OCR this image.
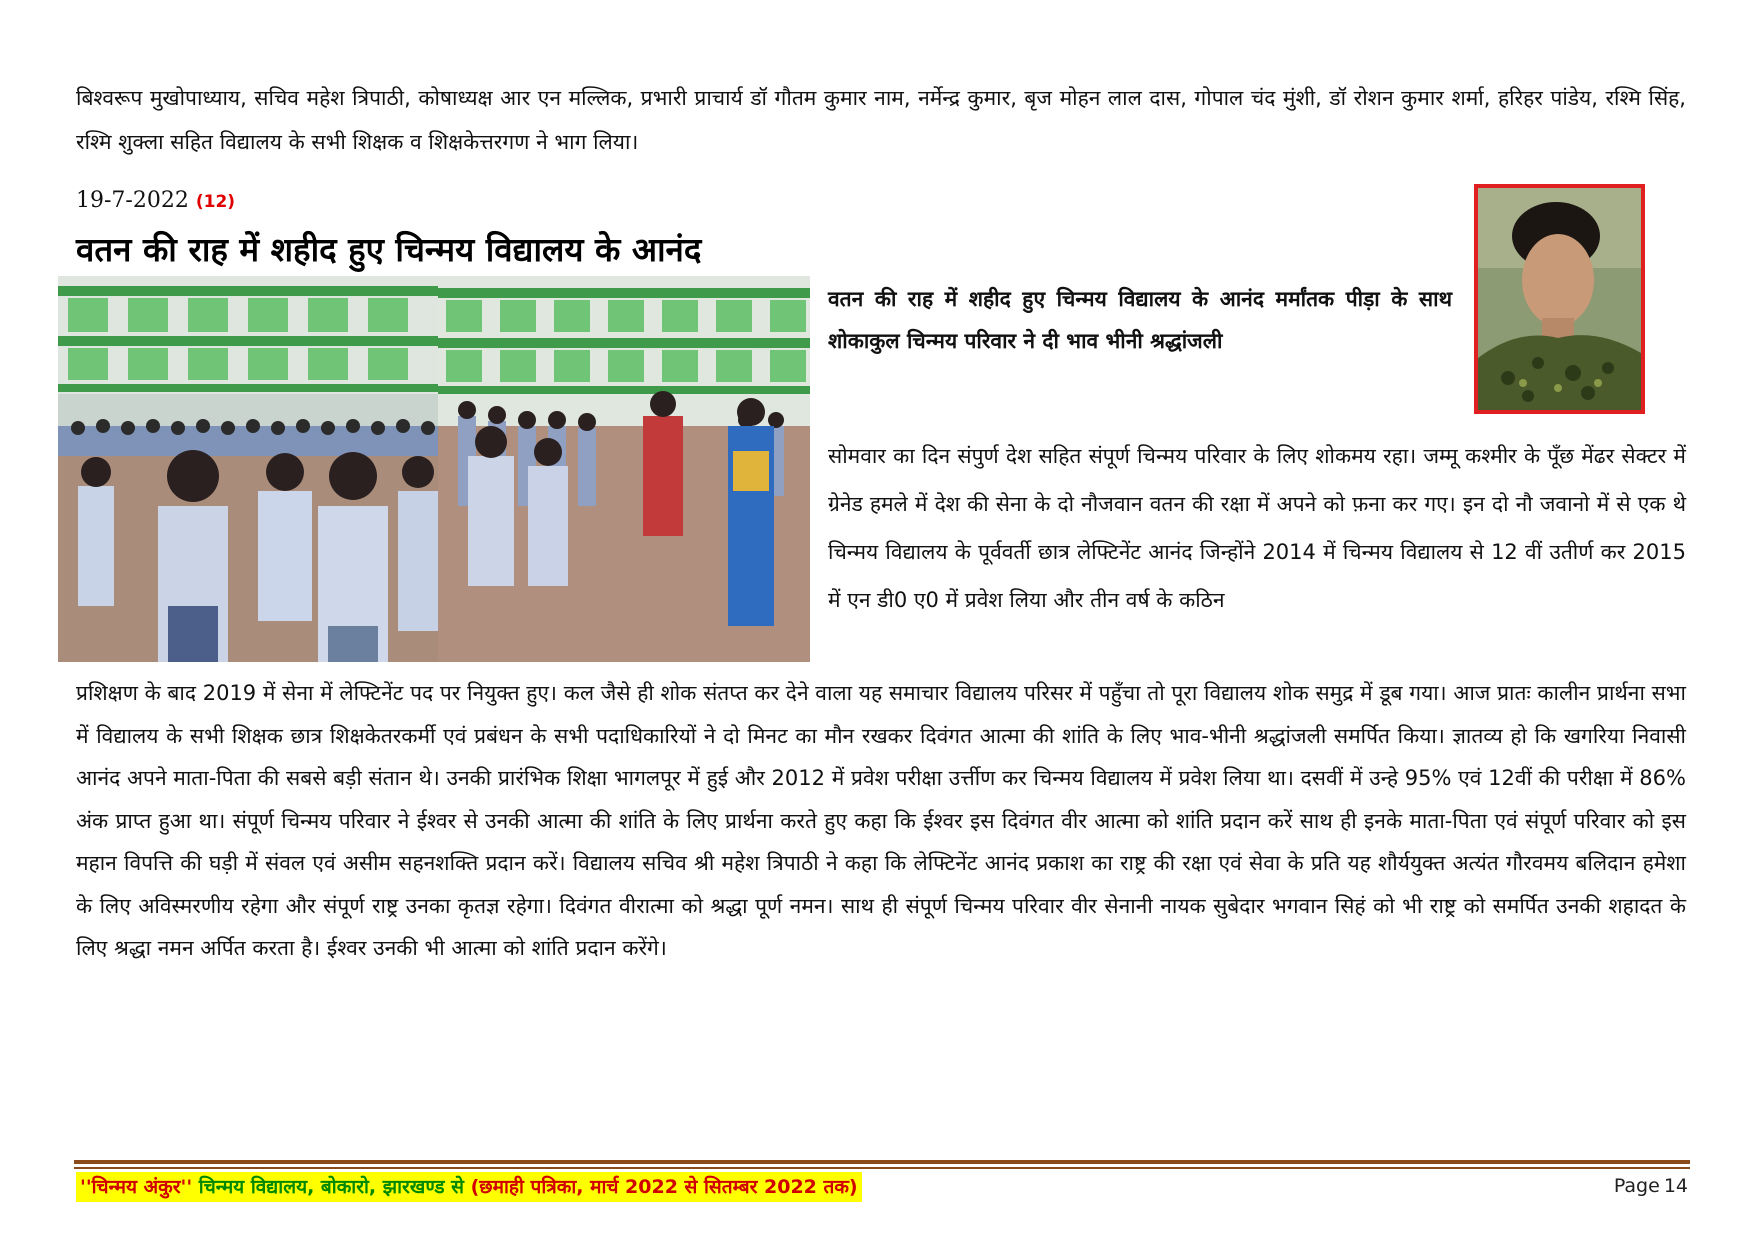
बिश्वरूप मुखोपाध्याय, सचिव महेश त्रिपाठी, कोषाध्यक्ष आर एन मल्लिक, प्रभारी प्राचार्य डॉ गौतम कुमार नाम, नर्मेन्द्र कुमार, बृज मोहन लाल दास, गोपाल चंद मुंशी, डॉ रोशन कुमार शर्मा, हरिहर पांडेय, रश्मि सिंह, रश्मि शुक्ला सहित विद्यालय के सभी शिक्षक व शिक्षकेत्तरगण ने भाग लिया।

19-7-2022 (12)
वतन की राह में शहीद हुए चिन्मय विद्यालय के आनंद

वतन की राह में शहीद हुए चिन्मय विद्यालय के आनंद मर्मांतक पीड़ा के साथ शोकाकुल चिन्मय परिवार ने दी भाव भीनी श्रद्धांजली

सोमवार का दिन संपुर्ण देश सहित संपूर्ण चिन्मय परिवार के लिए शोकमय रहा। जम्मू कश्मीर के पूँछ मेंढर सेक्टर में ग्रेनेड हमले में देश की सेना के दो नौजवान वतन की रक्षा में अपने को फ़ना कर गए। इन दो नौ जवानो में से एक थे चिन्मय विद्यालय के पूर्ववर्ती छात्र लेफ्टिनेंट आनंद जिन्होंने 2014 में चिन्मय विद्यालय से 12 वीं उतीर्ण कर 2015 में एन डी0 ए0 में प्रवेश लिया और तीन वर्ष के कठिन

प्रशिक्षण के बाद 2019 में सेना में लेफ्टिनेंट पद पर नियुक्त हुए। कल जैसे ही शोक संतप्त कर देने वाला यह समाचार विद्यालय परिसर में पहुँचा तो पूरा विद्यालय शोक समुद्र में डूब गया। आज प्रातः कालीन प्रार्थना सभा में विद्यालय के सभी शिक्षक छात्र शिक्षकेतरकर्मी एवं प्रबंधन के सभी पदाधिकारियों ने दो मिनट का मौन रखकर दिवंगत आत्मा की शांति के लिए भाव-भीनी श्रद्धांजली समर्पित किया। ज्ञातव्य हो कि खगरिया निवासी आनंद अपने माता-पिता की सबसे बड़ी संतान थे। उनकी प्रारंभिक शिक्षा भागलपूर में हुई और 2012 में प्रवेश परीक्षा उर्त्तीण कर चिन्मय विद्यालय में प्रवेश लिया था। दसवीं में उन्हे 95% एवं 12वीं की परीक्षा में 86% अंक प्राप्त हुआ था। संपूर्ण चिन्मय परिवार ने ईश्वर से उनकी आत्मा की शांति के लिए प्रार्थना करते हुए कहा कि ईश्वर इस दिवंगत वीर आत्मा को शांति प्रदान करें साथ ही इनके माता-पिता एवं संपूर्ण परिवार को इस महान विपत्ति की घड़ी में संवल एवं असीम सहनशक्ति प्रदान करें। विद्यालय सचिव श्री महेश त्रिपाठी ने कहा कि लेफ्टिनेंट आनंद प्रकाश का राष्ट्र की रक्षा एवं सेवा के प्रति यह शौर्ययुक्त अत्यंत गौरवमय बलिदान हमेशा के लिए अविस्मरणीय रहेगा और संपूर्ण राष्ट्र उनका कृतज्ञ रहेगा। दिवंगत वीरात्मा को श्रद्धा पूर्ण नमन। साथ ही संपूर्ण चिन्मय परिवार वीर सेनानी नायक सुबेदार भगवान सिहं को भी राष्ट्र को समर्पित उनकी शहादत के लिए श्रद्धा नमन अर्पित करता है। ईश्वर उनकी भी आत्मा को शांति प्रदान करेंगे।

''चिन्मय अंकुर'' चिन्मय विद्यालय, बोकारो, झारखण्ड से (छमाही पत्रिका, मार्च 2022 से सितम्बर 2022 तक)	Page 14
